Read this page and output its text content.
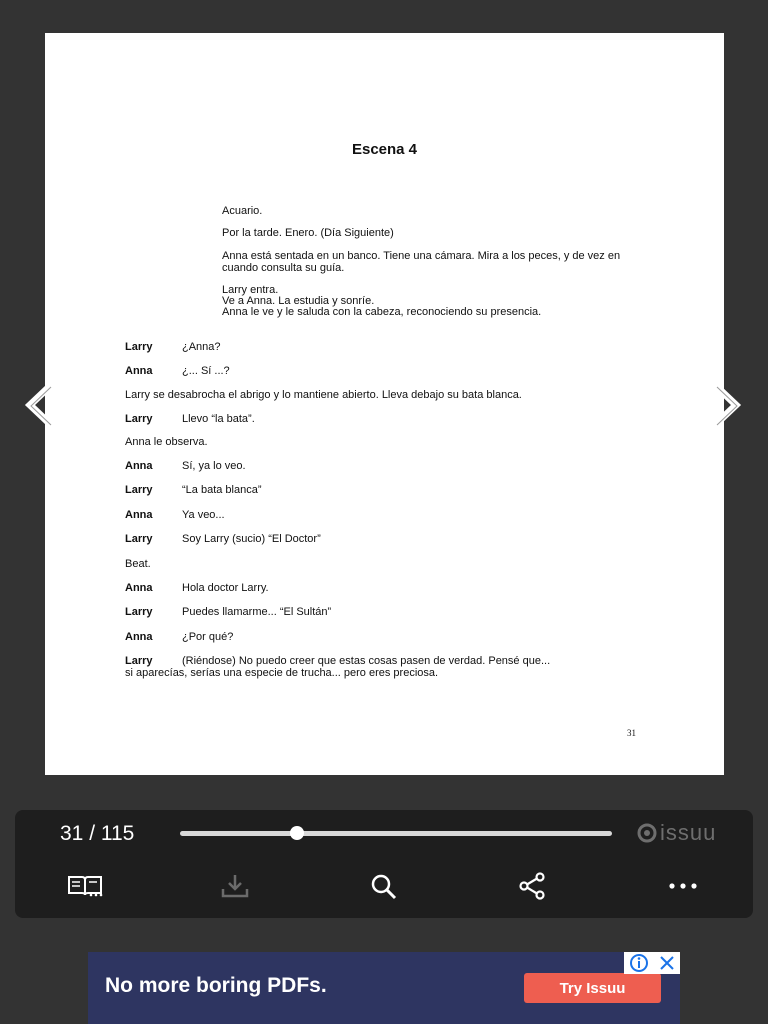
Escena 4
Acuario.
Por la tarde. Enero. (Día Siguiente)
Anna está sentada en un banco. Tiene una cámara. Mira a los peces, y de vez en cuando consulta su guía.
Larry entra.
Ve a Anna. La estudia y sonríe.
Anna le ve y le saluda con la cabeza, reconociendo su presencia.
Larry	¿Anna?
Anna	¿... Sí ...?
Larry se desabrocha el abrigo y lo mantiene abierto. Lleva debajo su bata blanca.
Larry	Llevo “la bata”.
Anna le observa.
Anna	Sí, ya lo veo.
Larry	“La bata blanca”
Anna	Ya veo...
Larry	Soy Larry (sucio) “El Doctor”
Beat.
Anna	Hola doctor Larry.
Larry	Puedes llamarme... “El Sultán”
Anna	¿Por qué?
Larry	(Riéndose) No puedo creer que estas cosas pasen de verdad. Pensé que...
si aparecías, serías una especie de trucha... pero eres preciosa.
31
31 / 115	issuu
No more boring PDFs.	Try Issuu
